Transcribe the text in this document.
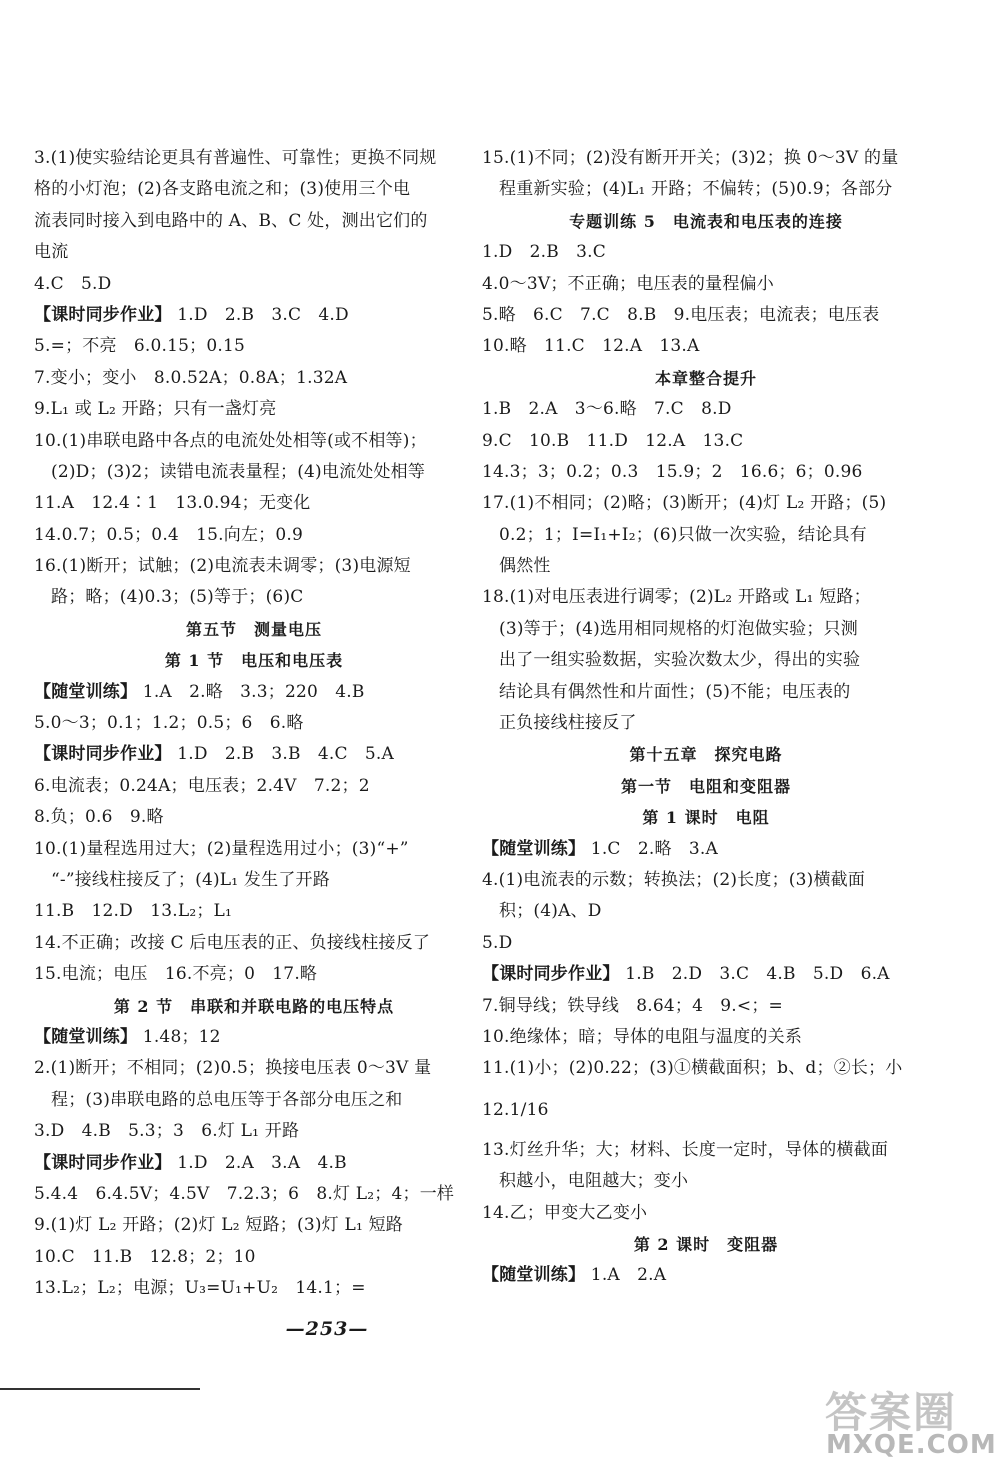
3.(1)使实验结论更具有普遍性、可靠性；更换不同规
格的小灯泡；(2)各支路电流之和；(3)使用三个电
流表同时接入到电路中的 A、B、C 处，测出它们的
电流
4.C　5.D
【课时同步作业】 1.D　2.B　3.C　4.D
5.=；不亮　6.0.15；0.15
7.变小；变小　8.0.52A；0.8A；1.32A
9.L₁ 或 L₂ 开路；只有一盏灯亮
10.(1)串联电路中各点的电流处处相等(或不相等)；
(2)D；(3)2；读错电流表量程；(4)电流处处相等
11.A　12.4∶1　13.0.94；无变化
14.0.7；0.5；0.4　15.向左；0.9
16.(1)断开；试触；(2)电流表未调零；(3)电源短
路；略；(4)0.3；(5)等于；(6)C
第五节　测量电压
第 1 节　电压和电压表
【随堂训练】 1.A　2.略　3.3；220　4.B
5.0～3；0.1；1.2；0.5；6　6.略
【课时同步作业】 1.D　2.B　3.B　4.C　5.A
6.电流表；0.24A；电压表；2.4V　7.2；2
8.负；0.6　9.略
10.(1)量程选用过大；(2)量程选用过小；(3)“+”
“-”接线柱接反了；(4)L₁ 发生了开路
11.B　12.D　13.L₂；L₁
14.不正确；改接 C 后电压表的正、负接线柱接反了
15.电流；电压　16.不亮；0　17.略
第 2 节　串联和并联电路的电压特点
【随堂训练】 1.48；12
2.(1)断开；不相同；(2)0.5；换接电压表 0～3V 量
程；(3)串联电路的总电压等于各部分电压之和
3.D　4.B　5.3；3　6.灯 L₁ 开路
【课时同步作业】 1.D　2.A　3.A　4.B
5.4.4　6.4.5V；4.5V　7.2.3；6　8.灯 L₂；4；一样
9.(1)灯 L₂ 开路；(2)灯 L₂ 短路；(3)灯 L₁ 短路
10.C　11.B　12.8；2；10
13.L₂；L₂；电源；U₃=U₁+U₂　14.1；=
15.(1)不同；(2)没有断开开关；(3)2；换 0～3V 的量
程重新实验；(4)L₁ 开路；不偏转；(5)0.9；各部分
专题训练 5　电流表和电压表的连接
1.D　2.B　3.C
4.0～3V；不正确；电压表的量程偏小
5.略　6.C　7.C　8.B　9.电压表；电流表；电压表
10.略　11.C　12.A　13.A
本章整合提升
1.B　2.A　3～6.略　7.C　8.D
9.C　10.B　11.D　12.A　13.C
14.3；3；0.2；0.3　15.9；2　16.6；6；0.96
17.(1)不相同；(2)略；(3)断开；(4)灯 L₂ 开路；(5)
0.2；1；I=I₁+I₂；(6)只做一次实验，结论具有
偶然性
18.(1)对电压表进行调零；(2)L₂ 开路或 L₁ 短路；
(3)等于；(4)选用相同规格的灯泡做实验；只测
出了一组实验数据，实验次数太少，得出的实验
结论具有偶然性和片面性；(5)不能；电压表的
正负接线柱接反了
第十五章　探究电路
第一节　电阻和变阻器
第 1 课时　电阻
【随堂训练】 1.C　2.略　3.A
4.(1)电流表的示数；转换法；(2)长度；(3)横截面
积；(4)A、D
5.D
【课时同步作业】 1.B　2.D　3.C　4.B　5.D　6.A
7.铜导线；铁导线　8.64；4　9.<；=
10.绝缘体；暗；导体的电阻与温度的关系
11.(1)小；(2)0.22；(3)①横截面积；b、d；②长；小
12.1/16
13.灯丝升华；大；材料、长度一定时，导体的横截面
积越小，电阻越大；变小
14.乙；甲变大乙变小
第 2 课时　变阻器
【随堂训练】 1.A　2.A
—253—
答案圈
MXQE.COM
